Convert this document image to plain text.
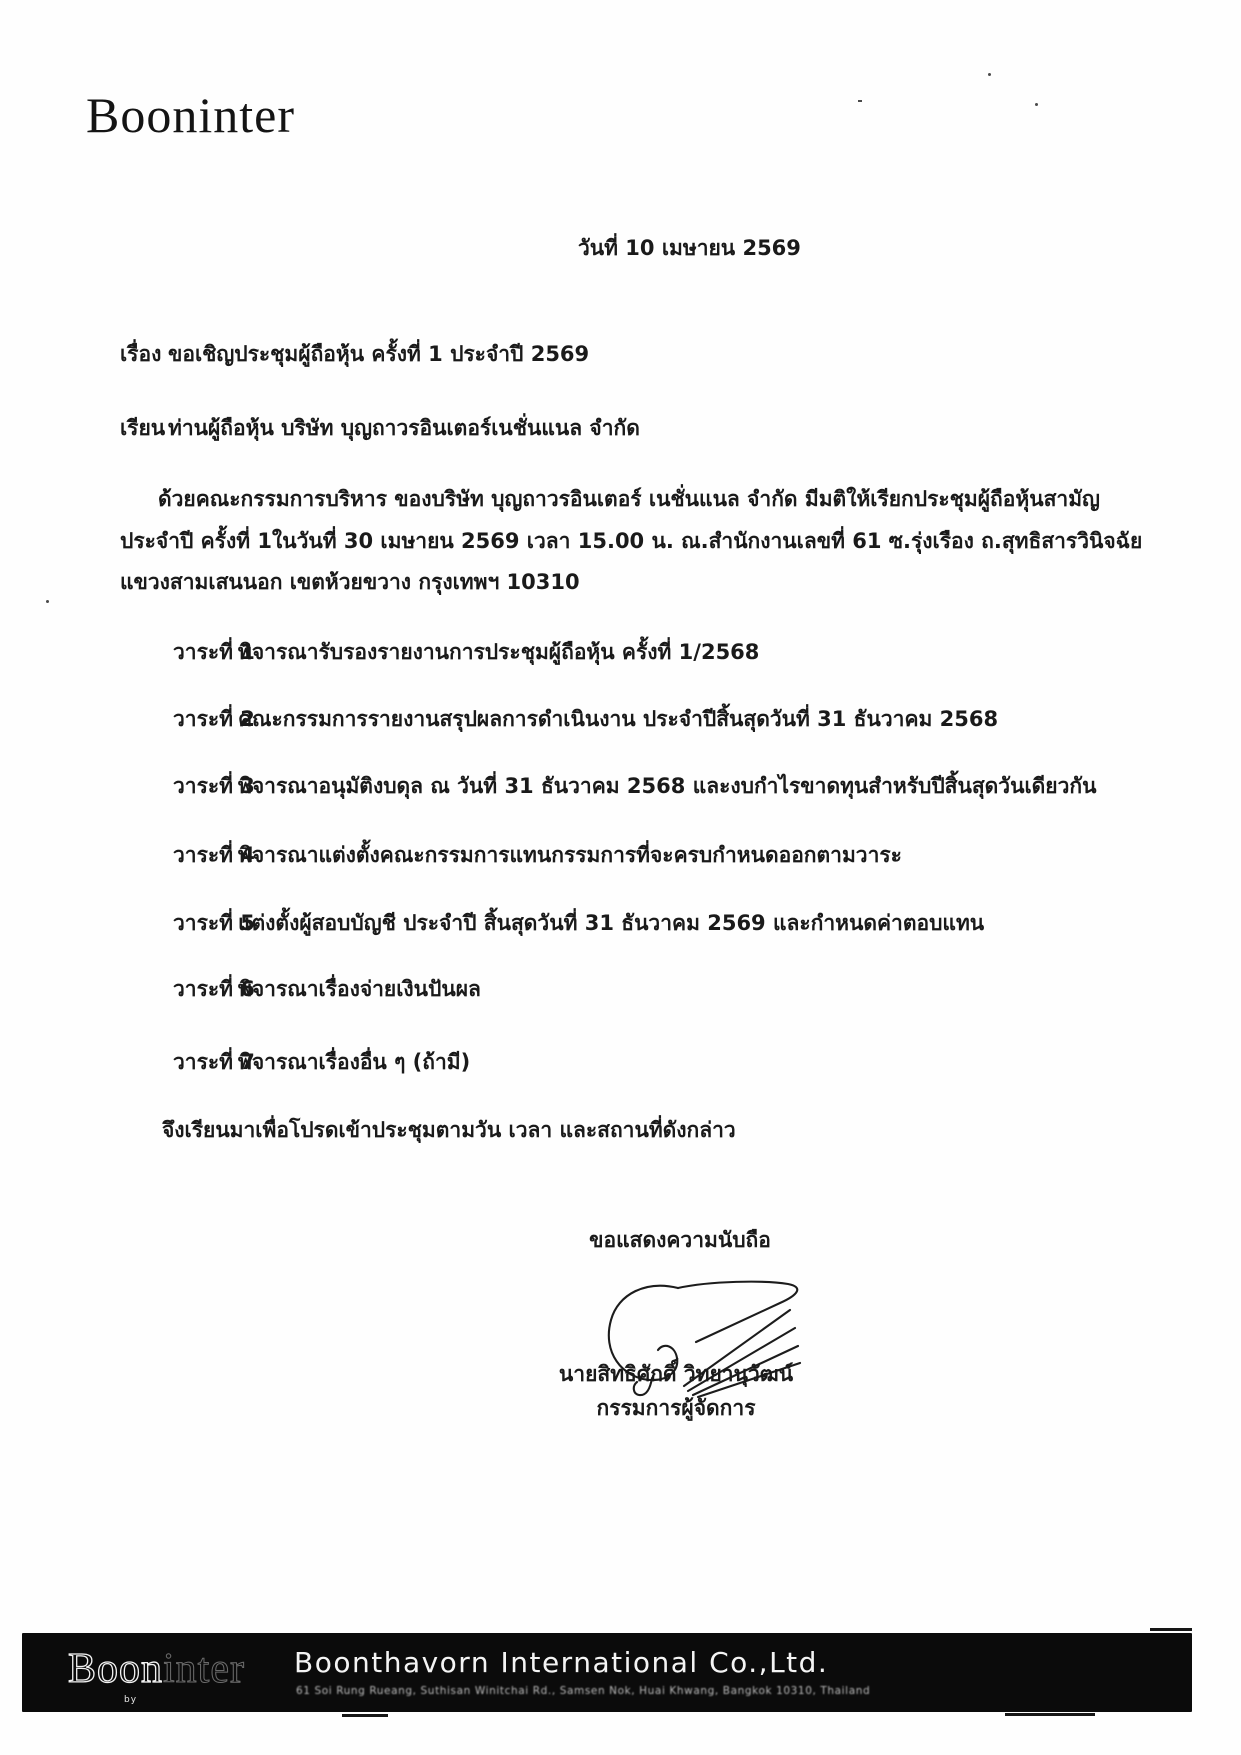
Booninter
วันที่ 10 เมษายน 2569
เรื่อง ขอเชิญประชุมผู้ถือหุ้น ครั้งที่ 1 ประจำปี 2569
เรียน ท่านผู้ถือหุ้น บริษัท บุญถาวรอินเตอร์เนชั่นแนล จำกัด
ด้วยคณะกรรมการบริหาร ของบริษัท บุญถาวรอินเตอร์ เนชั่นแนล จำกัด มีมติให้เรียกประชุมผู้ถือหุ้นสามัญ
ประจำปี ครั้งที่ 1ในวันที่ 30 เมษายน 2569 เวลา 15.00 น. ณ.สำนักงานเลขที่ 61 ซ.รุ่งเรือง ถ.สุทธิสารวินิจฉัย
แขวงสามเสนนอก เขตห้วยขวาง กรุงเทพฯ 10310
วาระที่ 1
พิจารณารับรองรายงานการประชุมผู้ถือหุ้น ครั้งที่ 1/2568
วาระที่ 2
คณะกรรมการรายงานสรุปผลการดำเนินงาน ประจำปีสิ้นสุดวันที่ 31 ธันวาคม 2568
วาระที่ 3
พิจารณาอนุมัติงบดุล ณ วันที่ 31 ธันวาคม 2568 และงบกำไรขาดทุนสำหรับปีสิ้นสุดวันเดียวกัน
วาระที่ 4
พิจารณาแต่งตั้งคณะกรรมการแทนกรรมการที่จะครบกำหนดออกตามวาระ
วาระที่ 5
แต่งตั้งผู้สอบบัญชี ประจำปี สิ้นสุดวันที่ 31 ธันวาคม 2569 และกำหนดค่าตอบแทน
วาระที่ 6
พิจารณาเรื่องจ่ายเงินปันผล
วาระที่ 7
พิจารณาเรื่องอื่น ๆ (ถ้ามี)
จึงเรียนมาเพื่อโปรดเข้าประชุมตามวัน เวลา และสถานที่ดังกล่าว
ขอแสดงความนับถือ
นายสิทธิศักดิ์ วิทยานุวัฒน์
กรรมการผู้จัดการ
Booninter
by
Boonthavorn International Co.,Ltd.
61 Soi Rung Rueang, Suthisan Winitchai Rd., Samsen Nok, Huai Khwang, Bangkok 10310, Thailand
